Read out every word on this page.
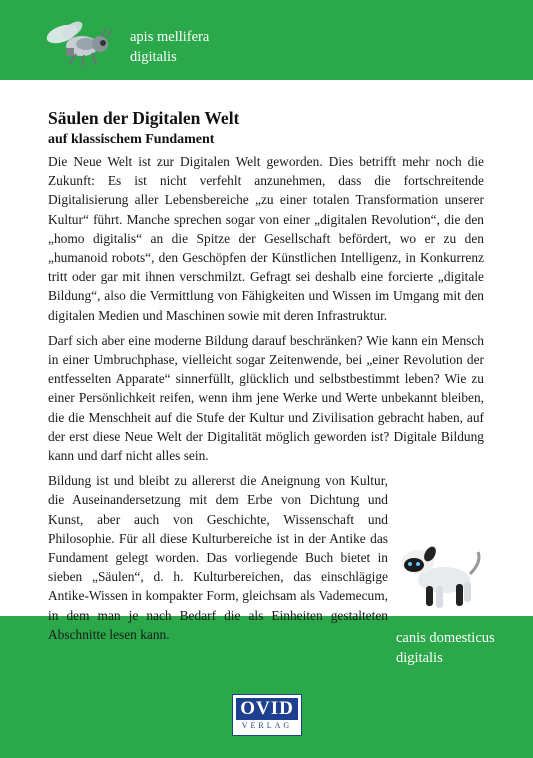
apis mellifera
digitalis
Säulen der Digitalen Welt
auf klassischem Fundament

Die Neue Welt ist zur Digitalen Welt geworden. Dies betrifft mehr noch die Zukunft: Es ist nicht verfehlt anzunehmen, dass die fortschreitende Digitalisierung aller Lebensbereiche „zu einer totalen Transformation unserer Kultur“ führt. Manche sprechen sogar von einer „digitalen Revolution“, die den „homo digitalis“ an die Spitze der Gesellschaft befördert, wo er zu den „humanoid robots“, den Geschöpfen der Künstlichen Intelligenz, in Konkurrenz tritt oder gar mit ihnen verschmilzt. Gefragt sei deshalb eine forcierte „digitale Bildung“, also die Vermittlung von Fähigkeiten und Wissen im Umgang mit den digitalen Medien und Maschinen sowie mit deren Infrastruktur.

Darf sich aber eine moderne Bildung darauf beschränken? Wie kann ein Mensch in einer Umbruchphase, vielleicht sogar Zeitenwende, bei „einer Revolution der entfesselten Apparate“ sinnerfüllt, glücklich und selbstbestimmt leben? Wie zu einer Persönlichkeit reifen, wenn ihm jene Werke und Werte unbekannt bleiben, die die Menschheit auf die Stufe der Kultur und Zivilisation gebracht haben, auf der erst diese Neue Welt der Digitalität möglich geworden ist? Digitale Bildung kann und darf nicht alles sein.

Bildung ist und bleibt zu allererst die Aneignung von Kultur, die Auseinandersetzung mit dem Erbe von Dichtung und Kunst, aber auch von Geschichte, Wissenschaft und Philosophie. Für all diese Kulturbereiche ist in der Antike das Fundament gelegt worden. Das vorliegende Buch bietet in sieben „Säulen“, d. h. Kulturbereichen, das einschlägige Antike-Wissen in kompakter Form, gleichsam als Vademecum, in dem man je nach Bedarf die als Einheiten gestalteten Abschnitte lesen kann.	canis domesticus
digitalis
OVID
VERLAG
